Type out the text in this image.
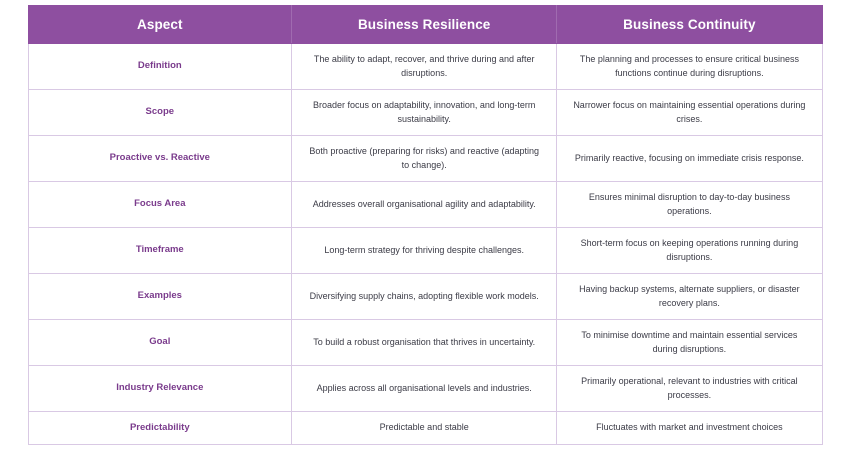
Aspect	Business Resilience	Business Continuity
Definition	The ability to adapt, recover, and thrive during and after disruptions.	The planning and processes to ensure critical business functions continue during disruptions.
Scope	Broader focus on adaptability, innovation, and long-term sustainability.	Narrower focus on maintaining essential operations during crises.
Proactive vs. Reactive	Both proactive (preparing for risks) and reactive (adapting to change).	Primarily reactive, focusing on immediate crisis response.
Focus Area	Addresses overall organisational agility and adaptability.	Ensures minimal disruption to day-to-day business operations.
Timeframe	Long-term strategy for thriving despite challenges.	Short-term focus on keeping operations running during disruptions.
Examples	Diversifying supply chains, adopting flexible work models.	Having backup systems, alternate suppliers, or disaster recovery plans.
Goal	To build a robust organisation that thrives in uncertainty.	To minimise downtime and maintain essential services during disruptions.
Industry Relevance	Applies across all organisational levels and industries.	Primarily operational, relevant to industries with critical processes.
Predictability	Predictable and stable	Fluctuates with market and investment choices
